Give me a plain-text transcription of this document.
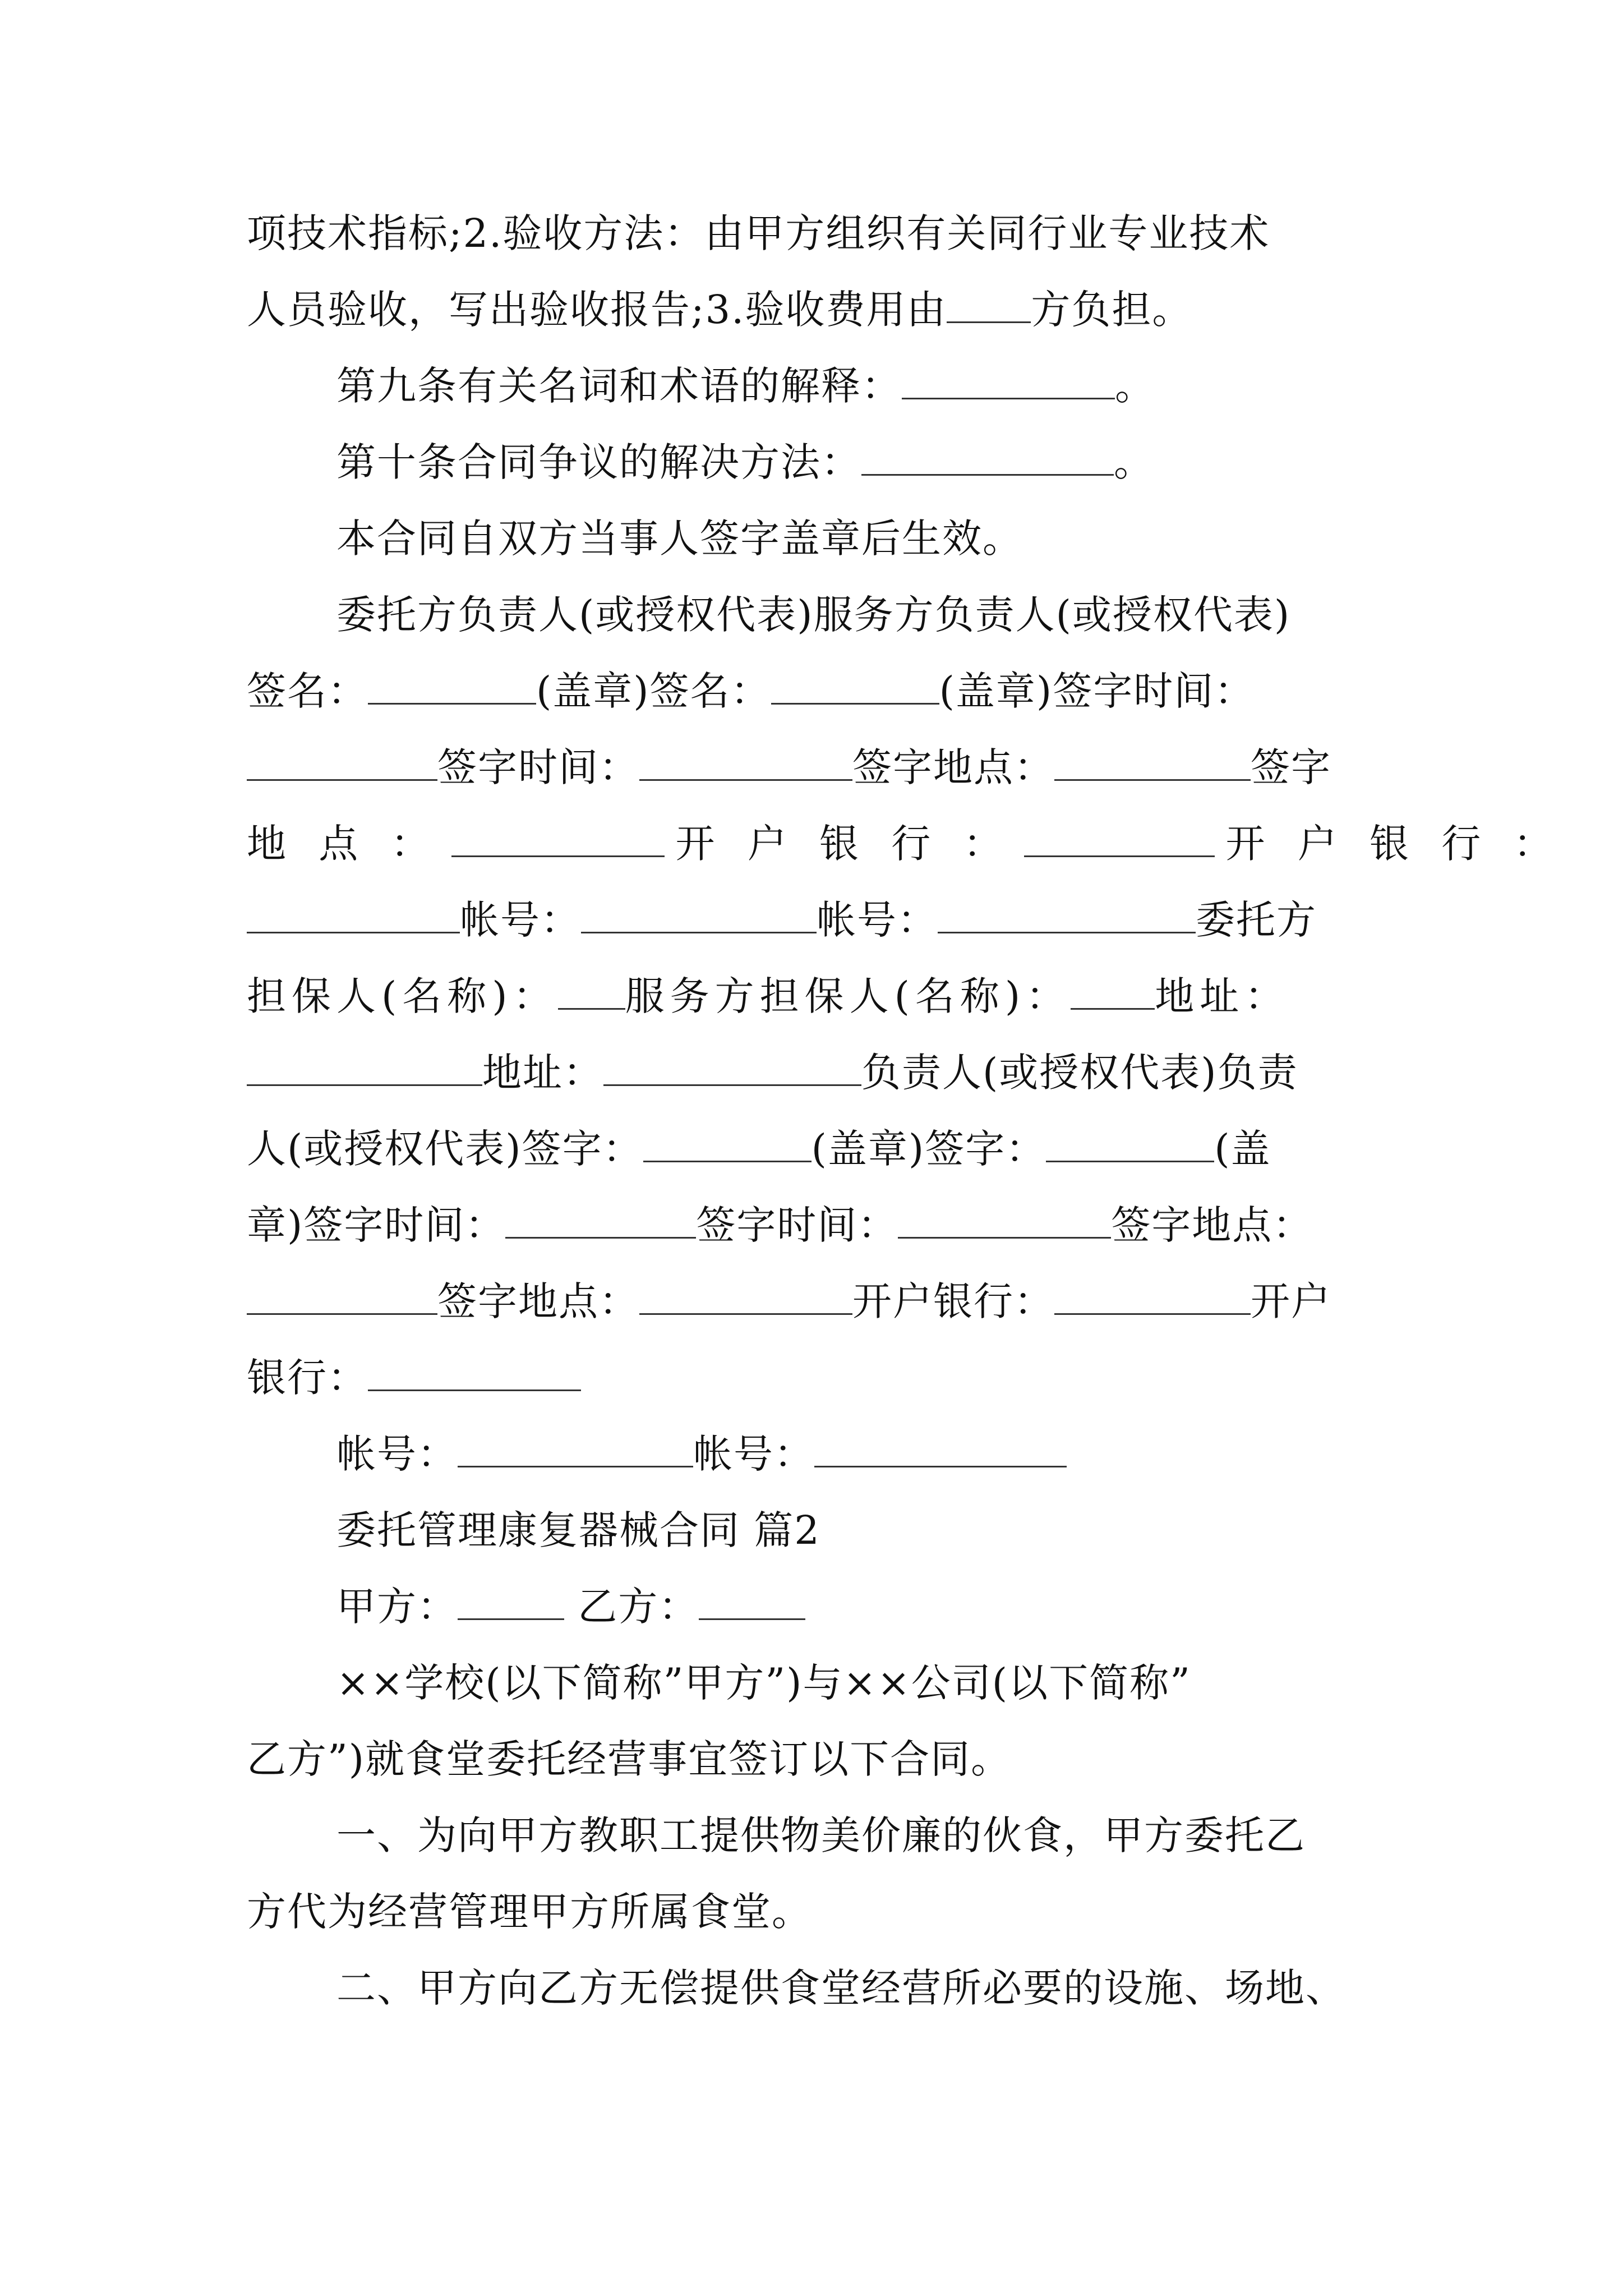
项技术指标;2.验收方法：由甲方组织有关同行业专业技术
人员验收，写出验收报告;3.验收费用由 方负担。
第九条有关名词和术语的解释：	。
第十条合同争议的解决方法：	。
本合同自双方当事人签字盖章后生效。
委托方负责人(或授权代表)服务方负责人(或授权代表)
签名：	(盖章)签名：	(盖章)签字时间：
签字时间：	签字地点：	签字
地 点 ：	开 户 银 行 ：	开 户 银 行 ：
帐号：	帐号：	委托方
担保人(名称)： 服务方担保人(名称)： 地址：
地址：	负责人(或授权代表)负责
人(或授权代表)签字：	(盖章)签字：	(盖
章)签字时间：	签字时间：	签字地点：
签字地点：	开户银行：	开户
银行：
帐号：	帐号：
委托管理康复器械合同 篇2
甲方：	乙方：
××学校(以下简称”甲方”)与××公司(以下简称”
乙方”)就食堂委托经营事宜签订以下合同。
一、为向甲方教职工提供物美价廉的伙食，甲方委托乙
方代为经营管理甲方所属食堂。
二、甲方向乙方无偿提供食堂经营所必要的设施、场地、
